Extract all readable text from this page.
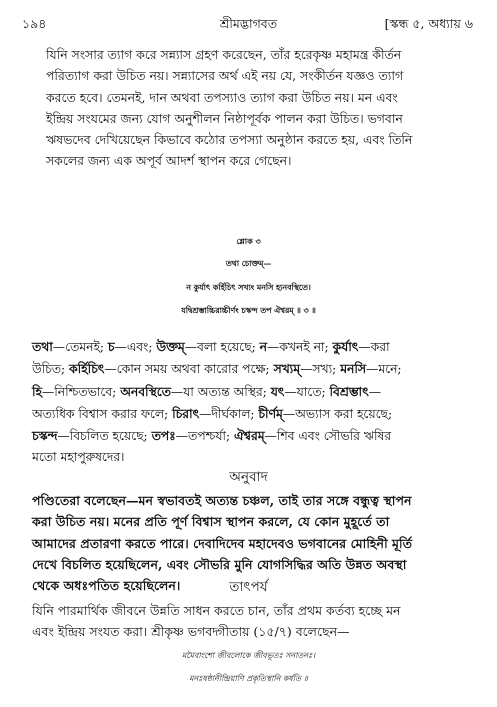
১৯৪	শ্রীমদ্ভাগবত	[স্কন্ধ ৫, অধ্যায় ৬

যিনি সংসার ত্যাগ করে সন্ন্যাস গ্রহণ করেছেন, তাঁর হরেকৃষ্ণ মহামন্ত্র কীর্তন
পরিত্যাগ করা উচিত নয়। সন্ন্যাসের অর্থ এই নয় যে, সংকীর্তন যজ্ঞও ত্যাগ
করতে হবে। তেমনই, দান অথবা তপস্যাও ত্যাগ করা উচিত নয়। মন এবং
ইন্দ্রিয় সংযমের জন্য যোগ অনুশীলন নিষ্ঠাপূর্বক পালন করা উচিত। ভগবান
ঋষভদেব দেখিয়েছেন কিভাবে কঠোর তপস্যা অনুষ্ঠান করতে হয়, এবং তিনি
সকলের জন্য এক অপূর্ব আদর্শ স্থাপন করে গেছেন।

শ্লোক ৩
তথা চোক্তম্—
ন কুর্যাৎ কর্হিচিৎ সখ্যং মনসি হ্যনবস্থিতে।
যদ্বিশ্রম্ভাচ্চিরাচ্চীর্ণং চস্কন্দ তপ ঐশ্বরম্ ॥ ৩ ॥

তথা—তেমনই; চ—এবং; উক্তম্—বলা হয়েছে; ন—কখনই না; কুর্যাৎ—করা
উচিত; কর্হিচিৎ—কোন সময় অথবা কারোর পক্ষে; সখ্যম্—সখ্য; মনসি—মনে;
হি—নিশ্চিতভাবে; অনবস্থিতে—যা অত্যন্ত অস্থির; যৎ—যাতে; বিশ্রম্ভাৎ—
অত্যধিক বিশ্বাস করার ফলে; চিরাৎ—দীর্ঘকাল; চীর্ণম্—অভ্যাস করা হয়েছে;
চস্কন্দ—বিচলিত হয়েছে; তপঃ—তপশ্চর্যা; ঐশ্বরম্—শিব এবং সৌভরি ঋষির
মতো মহাপুরুষদের।

অনুবাদ

পণ্ডিতেরা বলেছেন—মন স্বভাবতই অত্যন্ত চঞ্চল, তাই তার সঙ্গে বন্ধুত্ব স্থাপন
করা উচিত নয়। মনের প্রতি পূর্ণ বিশ্বাস স্থাপন করলে, যে কোন মুহূর্তে তা
আমাদের প্রতারণা করতে পারে। দেবাদিদেব মহাদেবও ভগবানের মোহিনী মূর্তি
দেখে বিচলিত হয়েছিলেন, এবং সৌভরি মুনি যোগসিদ্ধির অতি উন্নত অবস্থা
থেকে অধঃপতিত হয়েছিলেন।	তাৎপর্য

যিনি পারমার্থিক জীবনে উন্নতি সাধন করতে চান, তাঁর প্রথম কর্তব্য হচ্ছে মন
এবং ইন্দ্রিয় সংযত করা। শ্রীকৃষ্ণ ভগবদ্গীতায় (১৫/৭) বলেছেন—

মমৈবাংশো জীবলোকে জীবভূতঃ সনাতনঃ।
মনঃষষ্ঠানীন্দ্রিয়াণি প্রকৃতিস্থানি কর্ষতি ॥
